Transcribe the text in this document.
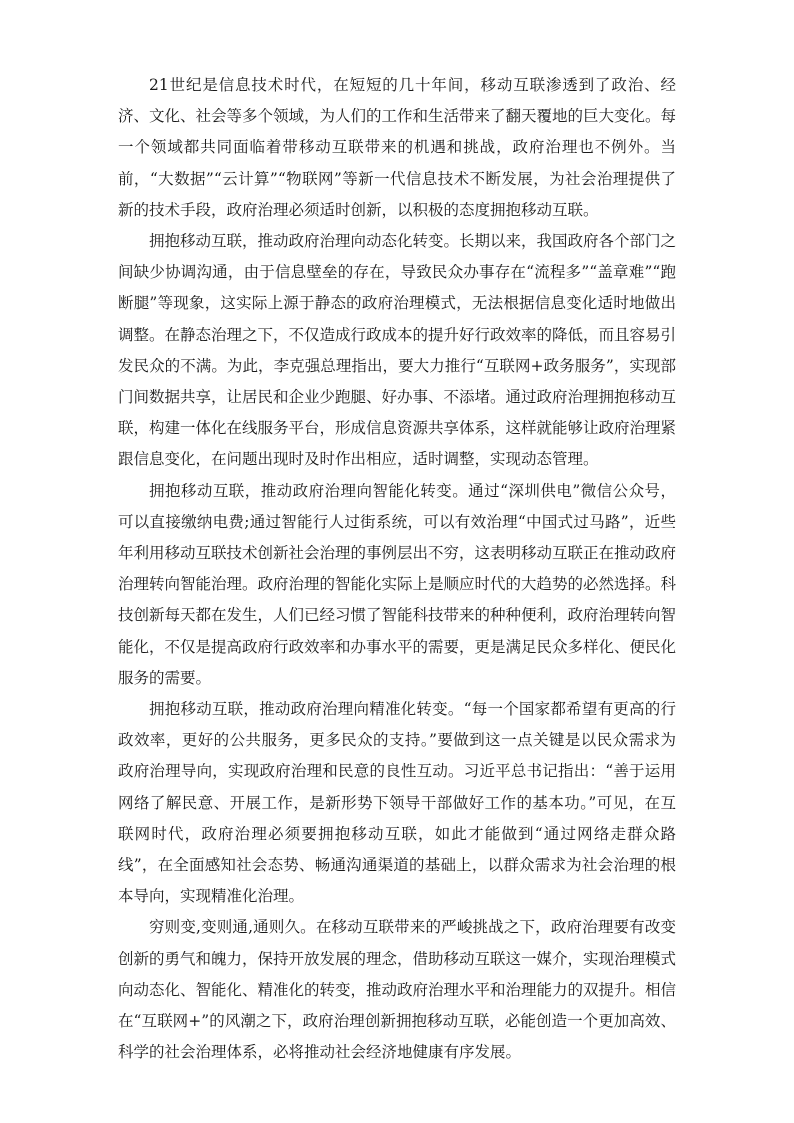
21世纪是信息技术时代，在短短的几十年间，移动互联渗透到了政治、经济、文化、社会等多个领域，为人们的工作和生活带来了翻天覆地的巨大变化。每一个领域都共同面临着带移动互联带来的机遇和挑战，政府治理也不例外。当前，“大数据”“云计算”“物联网”等新一代信息技术不断发展，为社会治理提供了新的技术手段，政府治理必须适时创新，以积极的态度拥抱移动互联。

拥抱移动互联，推动政府治理向动态化转变。长期以来，我国政府各个部门之间缺少协调沟通，由于信息壁垒的存在，导致民众办事存在“流程多”“盖章难”“跑断腿”等现象，这实际上源于静态的政府治理模式，无法根据信息变化适时地做出调整。在静态治理之下，不仅造成行政成本的提升好行政效率的降低，而且容易引发民众的不满。为此，李克强总理指出，要大力推行“互联网+政务服务”，实现部门间数据共享，让居民和企业少跑腿、好办事、不添堵。通过政府治理拥抱移动互联，构建一体化在线服务平台，形成信息资源共享体系，这样就能够让政府治理紧跟信息变化，在问题出现时及时作出相应，适时调整，实现动态管理。

拥抱移动互联，推动政府治理向智能化转变。通过“深圳供电”微信公众号，可以直接缴纳电费;通过智能行人过街系统，可以有效治理“中国式过马路”，近些年利用移动互联技术创新社会治理的事例层出不穷，这表明移动互联正在推动政府治理转向智能治理。政府治理的智能化实际上是顺应时代的大趋势的必然选择。科技创新每天都在发生，人们已经习惯了智能科技带来的种种便利，政府治理转向智能化，不仅是提高政府行政效率和办事水平的需要，更是满足民众多样化、便民化服务的需要。

拥抱移动互联，推动政府治理向精准化转变。“每一个国家都希望有更高的行政效率，更好的公共服务，更多民众的支持。”要做到这一点关键是以民众需求为政府治理导向，实现政府治理和民意的良性互动。习近平总书记指出：“善于运用网络了解民意、开展工作，是新形势下领导干部做好工作的基本功。”可见，在互联网时代，政府治理必须要拥抱移动互联，如此才能做到“通过网络走群众路线”，在全面感知社会态势、畅通沟通渠道的基础上，以群众需求为社会治理的根本导向，实现精准化治理。

穷则变,变则通,通则久。在移动互联带来的严峻挑战之下，政府治理要有改变创新的勇气和魄力，保持开放发展的理念，借助移动互联这一媒介，实现治理模式向动态化、智能化、精准化的转变，推动政府治理水平和治理能力的双提升。相信在“互联网+”的风潮之下，政府治理创新拥抱移动互联，必能创造一个更加高效、科学的社会治理体系，必将推动社会经济地健康有序发展。
